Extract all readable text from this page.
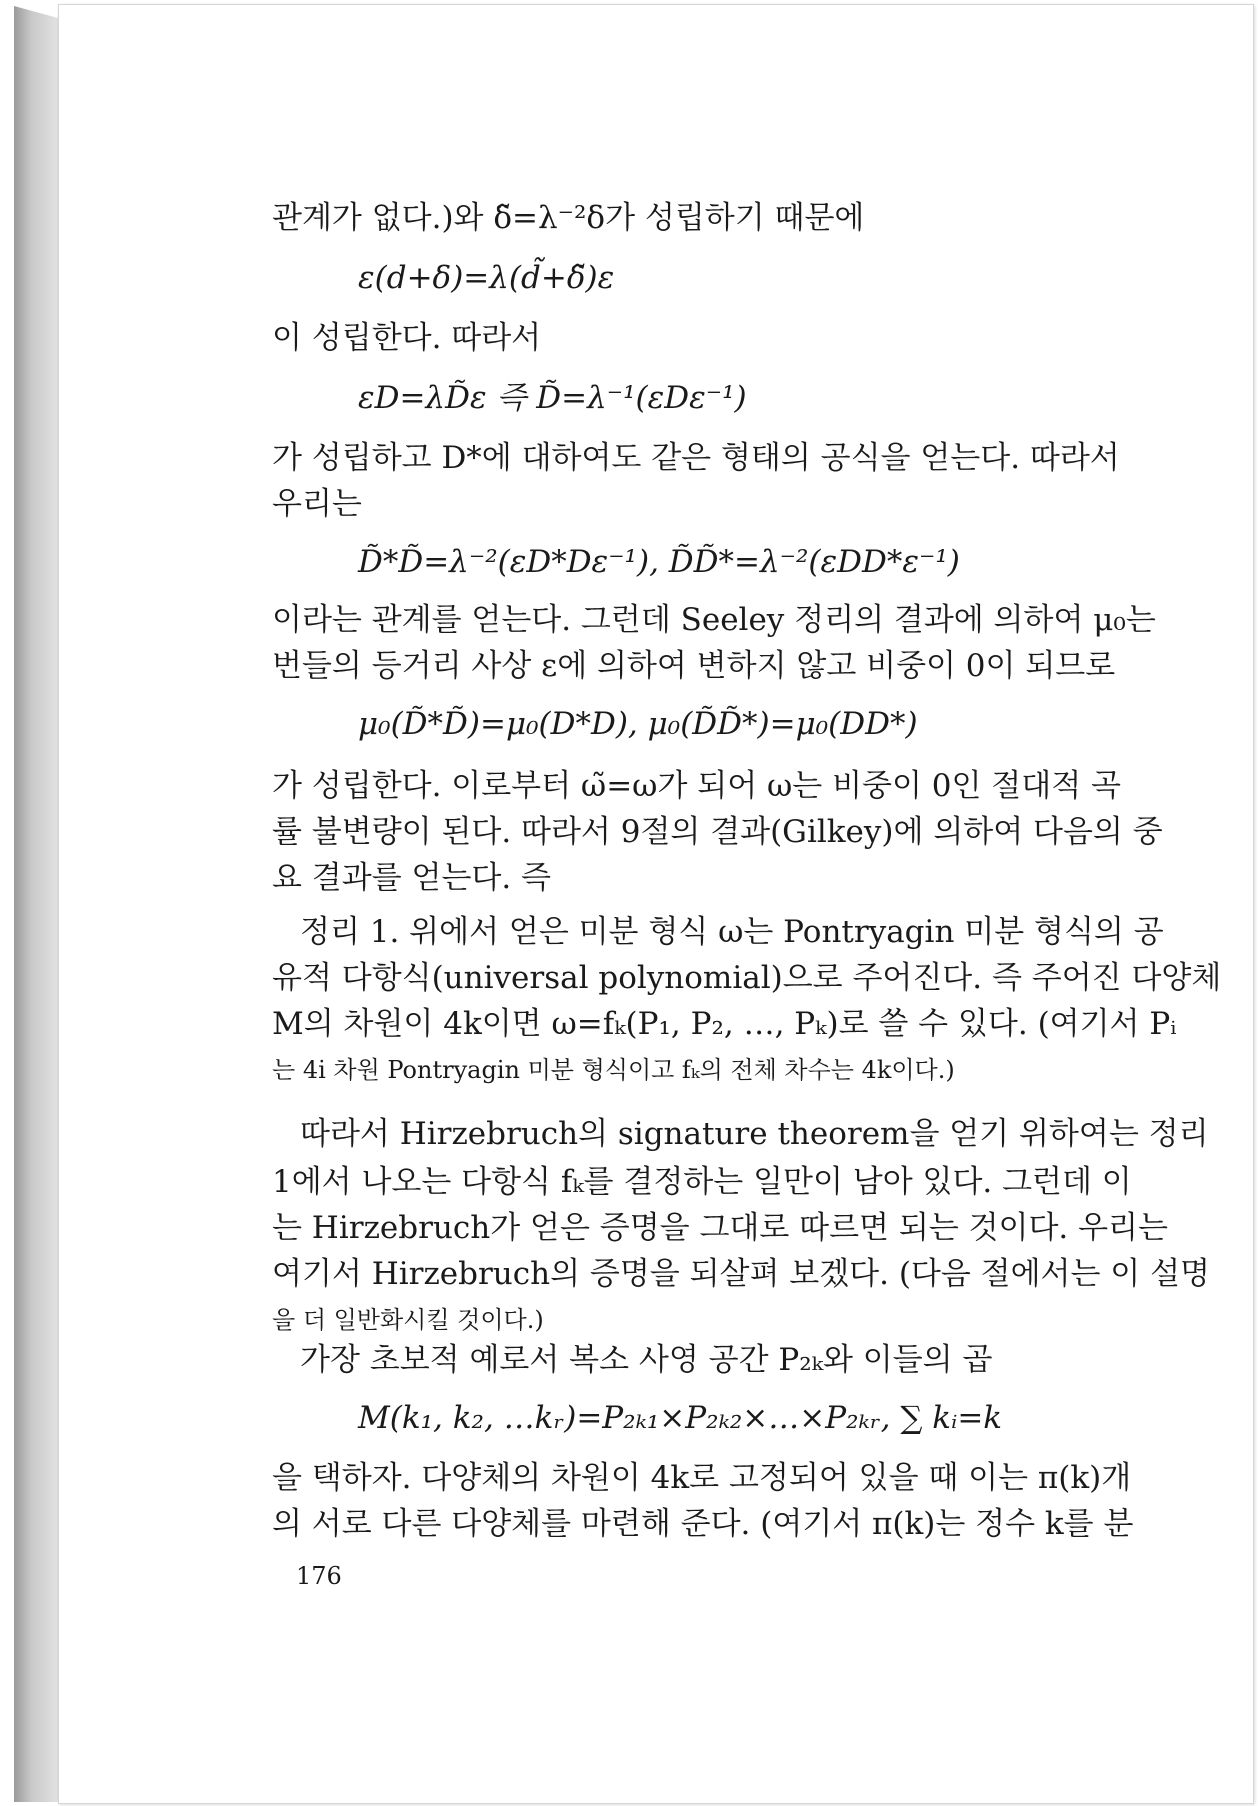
관계가 없다.)와 δ̃=λ⁻²δ가 성립하기 때문에
ε(d+δ)=λ(d̃+δ̃)ε
이 성립한다. 따라서
εD=λD̃ε 즉 D̃=λ⁻¹(εDε⁻¹)
가 성립하고 D*에 대하여도 같은 형태의 공식을 얻는다. 따라서
우리는
D̃*D̃=λ⁻²(εD*Dε⁻¹), D̃D̃*=λ⁻²(εDD*ε⁻¹)
이라는 관계를 얻는다. 그런데 Seeley 정리의 결과에 의하여 μ₀는
번들의 등거리 사상 ε에 의하여 변하지 않고 비중이 0이 되므로
μ₀(D̃*D̃)=μ₀(D*D), μ₀(D̃D̃*)=μ₀(DD*)
가 성립한다. 이로부터 ω̃=ω가 되어 ω는 비중이 0인 절대적 곡
률 불변량이 된다. 따라서 9절의 결과(Gilkey)에 의하여 다음의 중
요 결과를 얻는다. 즉
정리 1. 위에서 얻은 미분 형식 ω는 Pontryagin 미분 형식의 공
유적 다항식(universal polynomial)으로 주어진다. 즉 주어진 다양체
M의 차원이 4k이면 ω=fₖ(P₁, P₂, …, Pₖ)로 쓸 수 있다. (여기서 Pᵢ
는 4i 차원 Pontryagin 미분 형식이고 fₖ의 전체 차수는 4k이다.)
따라서 Hirzebruch의 signature theorem을 얻기 위하여는 정리
1에서 나오는 다항식 fₖ를 결정하는 일만이 남아 있다. 그런데 이
는 Hirzebruch가 얻은 증명을 그대로 따르면 되는 것이다. 우리는
여기서 Hirzebruch의 증명을 되살펴 보겠다. (다음 절에서는 이 설명
을 더 일반화시킬 것이다.)
가장 초보적 예로서 복소 사영 공간 P₂ₖ와 이들의 곱
M(k₁, k₂, …kᵣ)=P₂ₖ₁×P₂ₖ₂×…×P₂ₖᵣ, ∑ kᵢ=k
을 택하자. 다양체의 차원이 4k로 고정되어 있을 때 이는 π(k)개
의 서로 다른 다양체를 마련해 준다. (여기서 π(k)는 정수 k를 분
176
